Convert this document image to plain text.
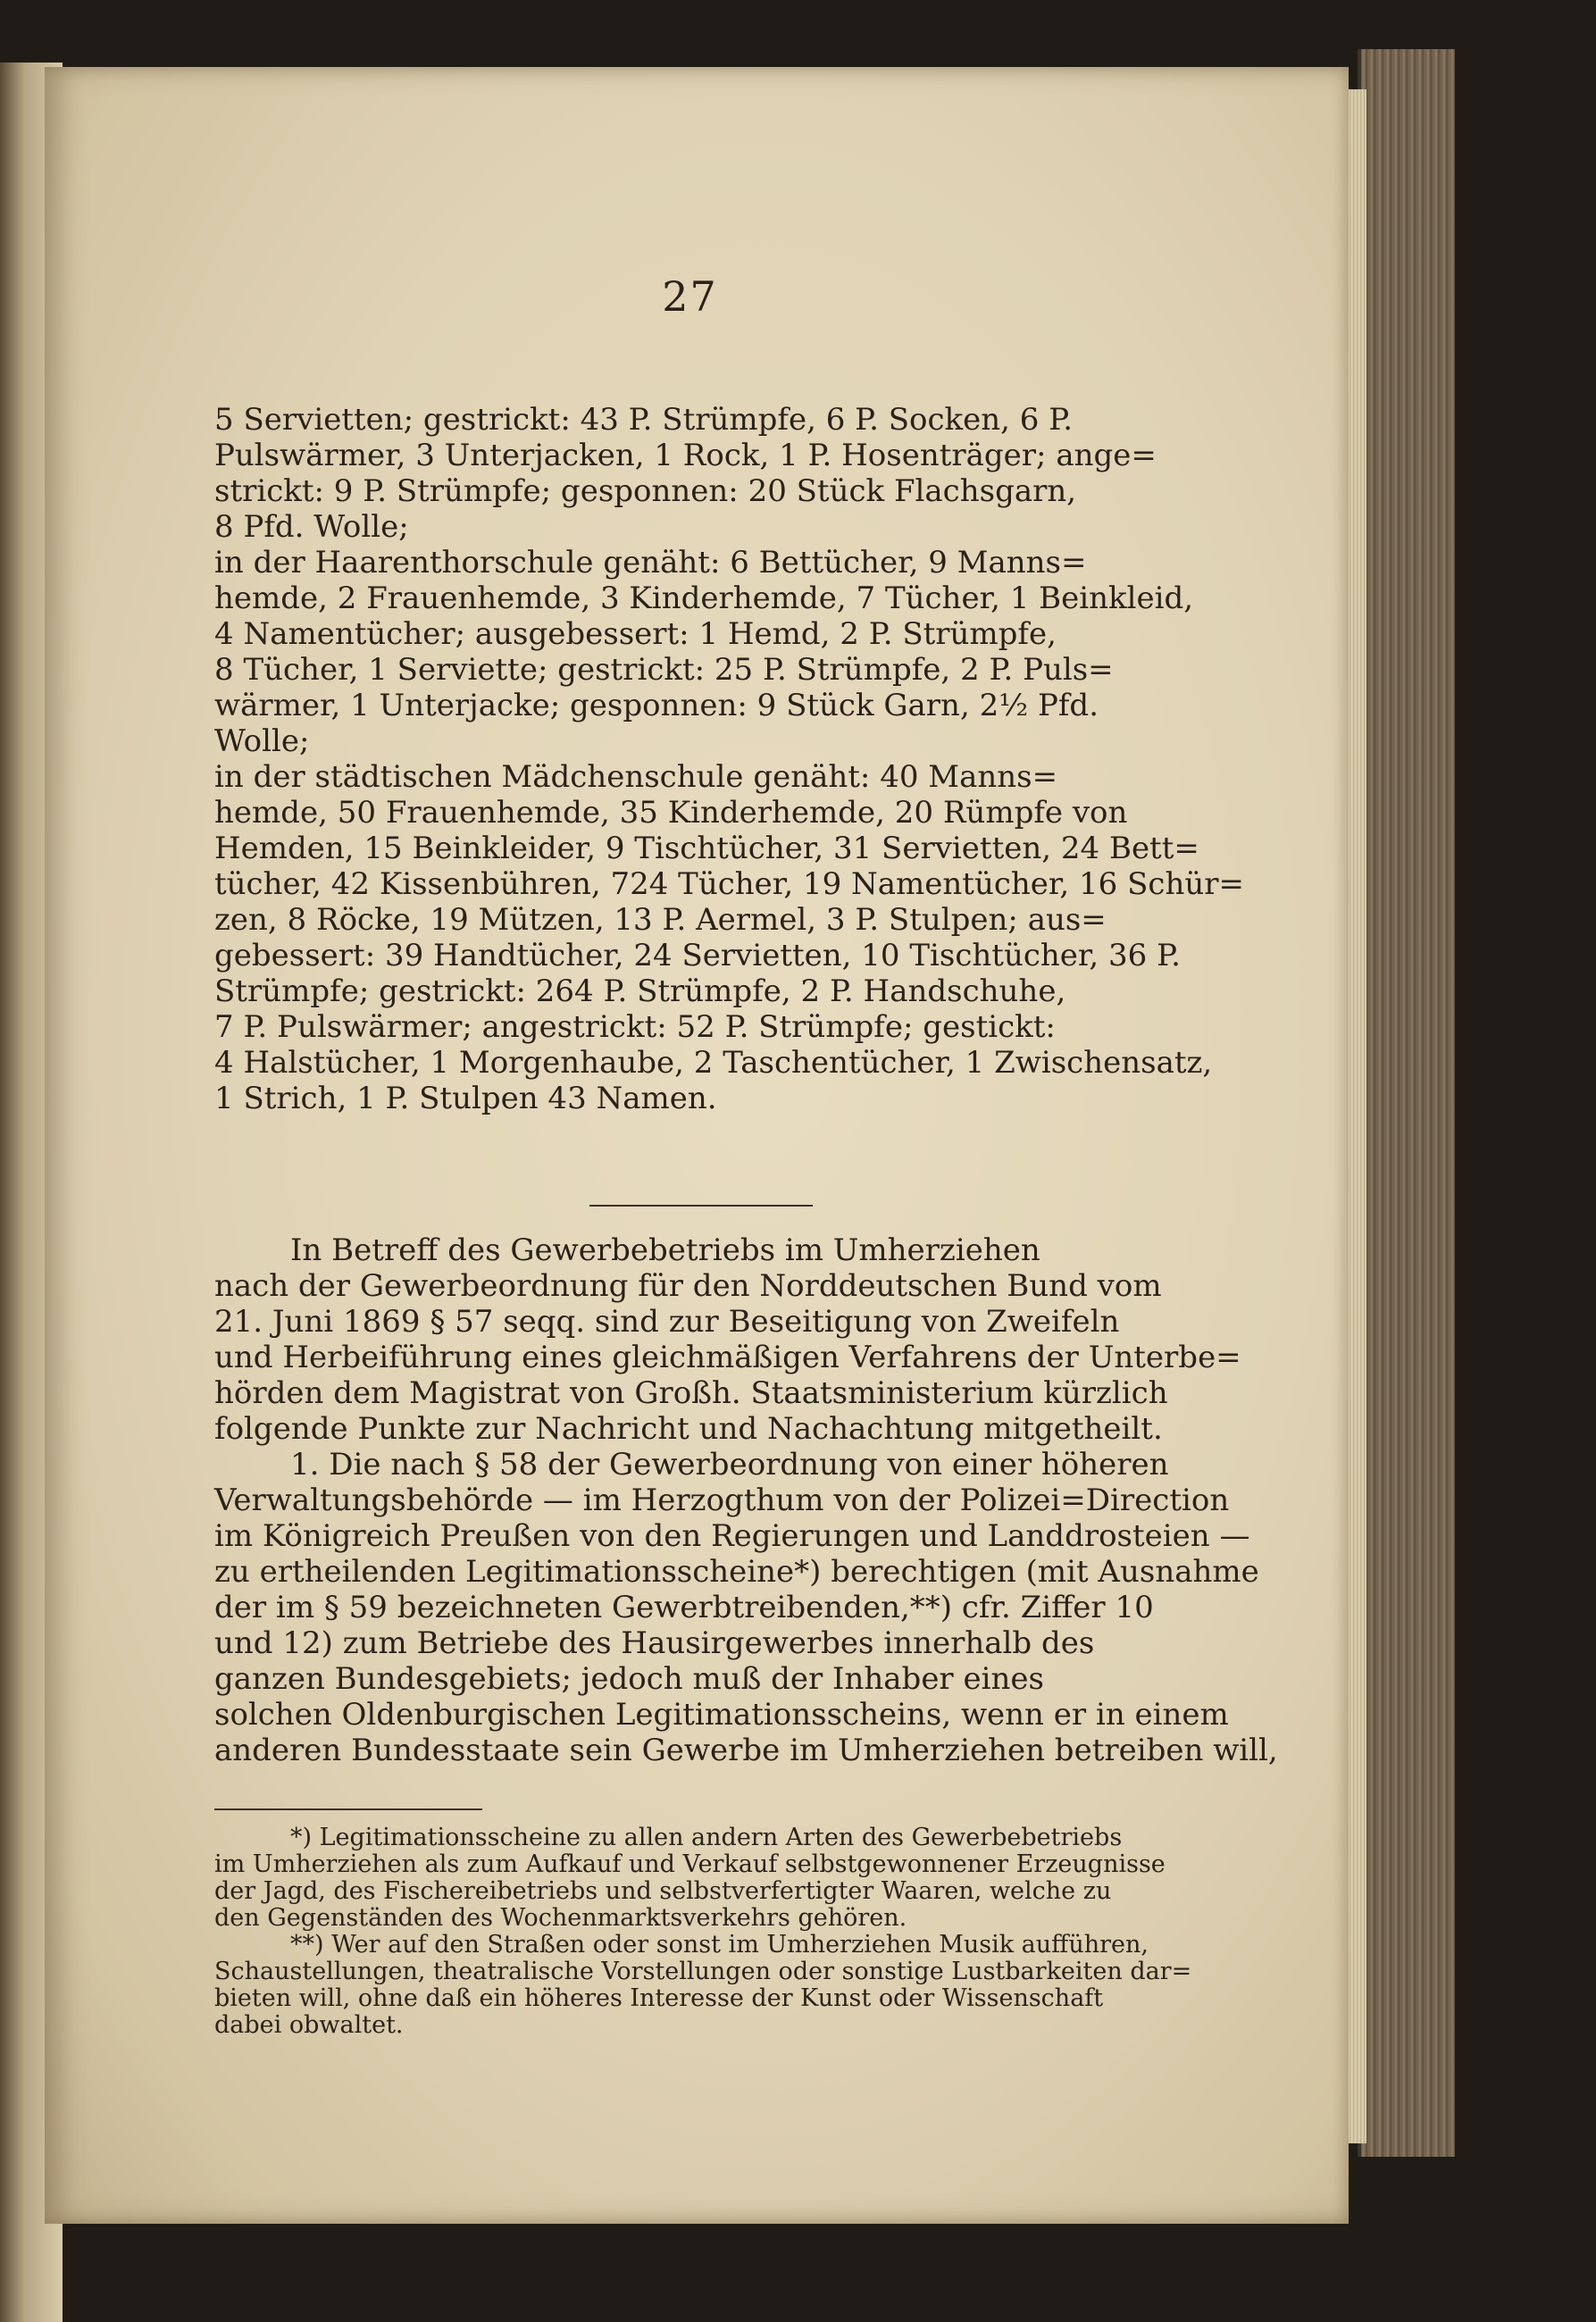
27
5 Servietten; gestrickt: 43 P. Strümpfe, 6 P. Socken, 6 P.
Pulswärmer, 3 Unterjacken, 1 Rock, 1 P. Hosenträger; ange=
strickt: 9 P. Strümpfe; gesponnen: 20 Stück Flachsgarn,
8 Pfd. Wolle;
in der Haarenthorschule genäht: 6 Bettücher, 9 Manns=
hemde, 2 Frauenhemde, 3 Kinderhemde, 7 Tücher, 1 Beinkleid,
4 Namentücher; ausgebessert: 1 Hemd, 2 P. Strümpfe,
8 Tücher, 1 Serviette; gestrickt: 25 P. Strümpfe, 2 P. Puls=
wärmer, 1 Unterjacke; gesponnen: 9 Stück Garn, 2½ Pfd.
Wolle;
in der städtischen Mädchenschule genäht: 40 Manns=
hemde, 50 Frauenhemde, 35 Kinderhemde, 20 Rümpfe von
Hemden, 15 Beinkleider, 9 Tischtücher, 31 Servietten, 24 Bett=
tücher, 42 Kissenbühren, 724 Tücher, 19 Namentücher, 16 Schür=
zen, 8 Röcke, 19 Mützen, 13 P. Aermel, 3 P. Stulpen; aus=
gebessert: 39 Handtücher, 24 Servietten, 10 Tischtücher, 36 P.
Strümpfe; gestrickt: 264 P. Strümpfe, 2 P. Handschuhe,
7 P. Pulswärmer; angestrickt: 52 P. Strümpfe; gestickt:
4 Halstücher, 1 Morgenhaube, 2 Taschentücher, 1 Zwischensatz,
1 Strich, 1 P. Stulpen 43 Namen.
In Betreff des Gewerbebetriebs im Umherziehen
nach der Gewerbeordnung für den Norddeutschen Bund vom
21. Juni 1869 § 57 seqq. sind zur Beseitigung von Zweifeln
und Herbeiführung eines gleichmäßigen Verfahrens der Unterbe=
hörden dem Magistrat von Großh. Staatsministerium kürzlich
folgende Punkte zur Nachricht und Nachachtung mitgetheilt.
1. Die nach § 58 der Gewerbeordnung von einer höheren
Verwaltungsbehörde — im Herzogthum von der Polizei=Direction
im Königreich Preußen von den Regierungen und Landdrosteien —
zu ertheilenden Legitimationsscheine*) berechtigen (mit Ausnahme
der im § 59 bezeichneten Gewerbtreibenden,**) cfr. Ziffer 10
und 12) zum Betriebe des Hausirgewerbes innerhalb des
ganzen Bundesgebiets; jedoch muß der Inhaber eines
solchen Oldenburgischen Legitimationsscheins, wenn er in einem
anderen Bundesstaate sein Gewerbe im Umherziehen betreiben will,
*) Legitimationsscheine zu allen andern Arten des Gewerbebetriebs
im Umherziehen als zum Aufkauf und Verkauf selbstgewonnener Erzeugnisse
der Jagd, des Fischereibetriebs und selbstverfertigter Waaren, welche zu
den Gegenständen des Wochenmarktsverkehrs gehören.
**) Wer auf den Straßen oder sonst im Umherziehen Musik aufführen,
Schaustellungen, theatralische Vorstellungen oder sonstige Lustbarkeiten dar=
bieten will, ohne daß ein höheres Interesse der Kunst oder Wissenschaft
dabei obwaltet.
